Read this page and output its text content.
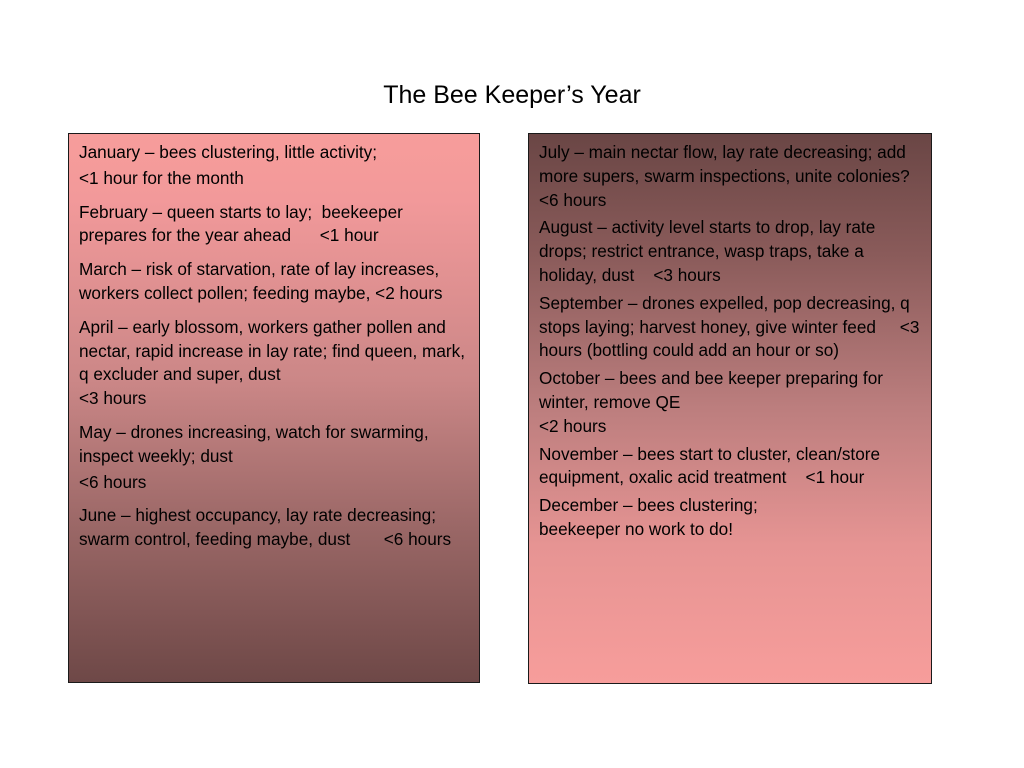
The Bee Keeper’s Year
January – bees clustering, little activity;
<1 hour for the month
February – queen starts to lay;  beekeeper prepares for the year ahead      <1 hour
March – risk of starvation, rate of lay increases, workers collect pollen; feeding maybe, <2 hours
April – early blossom, workers gather pollen and nectar, rapid increase in lay rate; find queen, mark, q excluder and super, dust
<3 hours
May – drones increasing, watch for swarming, inspect weekly; dust
<6 hours
June – highest occupancy, lay rate decreasing; swarm control, feeding maybe, dust       <6 hours
July – main nectar flow, lay rate decreasing; add more supers, swarm inspections, unite colonies? <6 hours
August – activity level starts to drop, lay rate drops; restrict entrance, wasp traps, take a holiday, dust    <3 hours
September – drones expelled, pop decreasing, q stops laying; harvest honey, give winter feed     <3 hours (bottling could add an hour or so)
October – bees and bee keeper preparing for winter, remove QE
<2 hours
November – bees start to cluster, clean/store equipment, oxalic acid treatment    <1 hour
December – bees clustering;
beekeeper no work to do!
